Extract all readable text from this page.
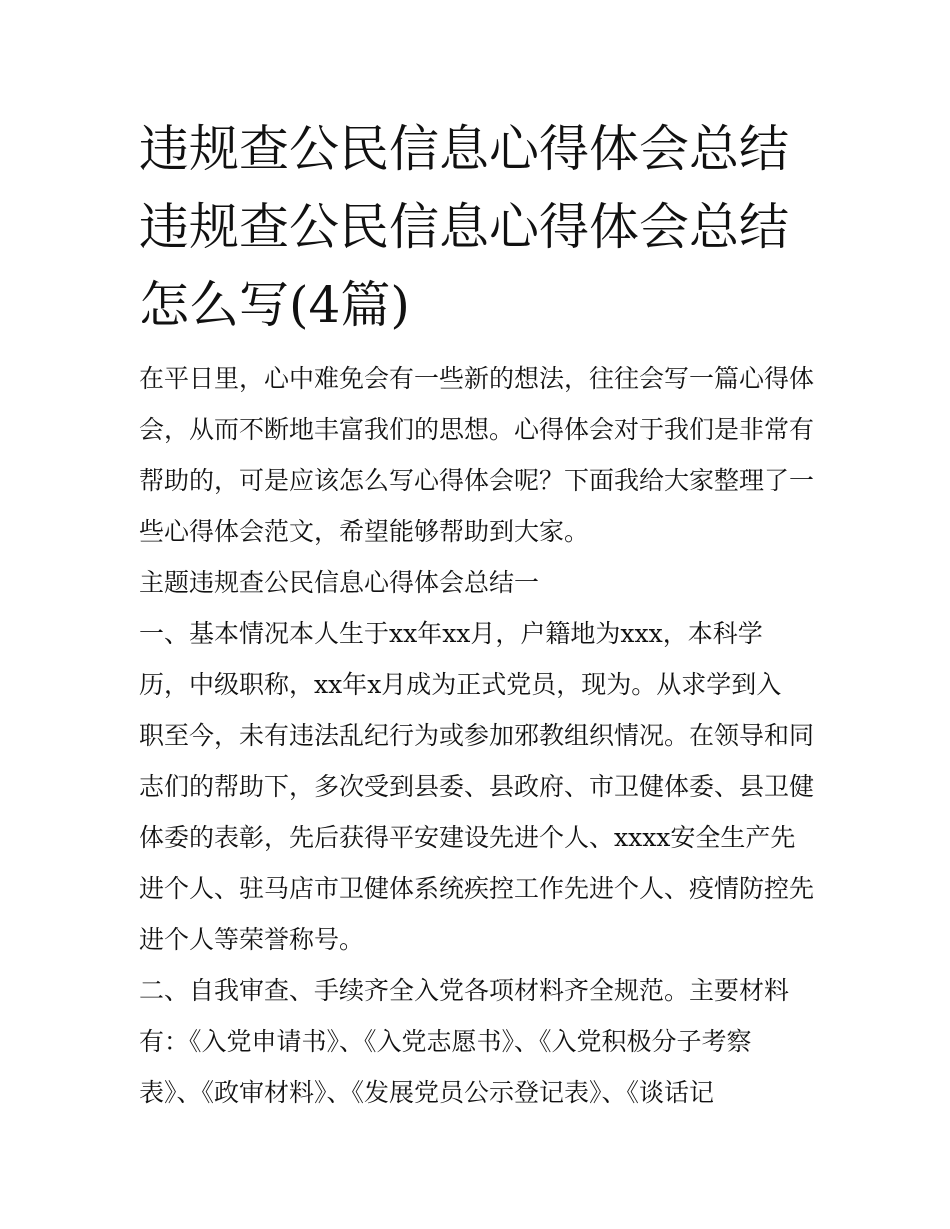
违规查公民信息心得体会总结
违规查公民信息心得体会总结
怎么写(4篇)
在平日里，心中难免会有一些新的想法，往往会写一篇心得体
会，从而不断地丰富我们的思想。心得体会对于我们是非常有
帮助的，可是应该怎么写心得体会呢？下面我给大家整理了一
些心得体会范文，希望能够帮助到大家。
主题违规查公民信息心得体会总结一
一、基本情况本人生于xx年xx月，户籍地为xxx，本科学
历，中级职称，xx年x月成为正式党员，现为。从求学到入
职至今，未有违法乱纪行为或参加邪教组织情况。在领导和同
志们的帮助下，多次受到县委、县政府、市卫健体委、县卫健
体委的表彰，先后获得平安建设先进个人、xxxx安全生产先
进个人、驻马店市卫健体系统疾控工作先进个人、疫情防控先
进个人等荣誉称号。
二、自我审查、手续齐全入党各项材料齐全规范。主要材料
有：《入党申请书》、《入党志愿书》、《入党积极分子考察
表》、《政审材料》、《发展党员公示登记表》、《谈话记
